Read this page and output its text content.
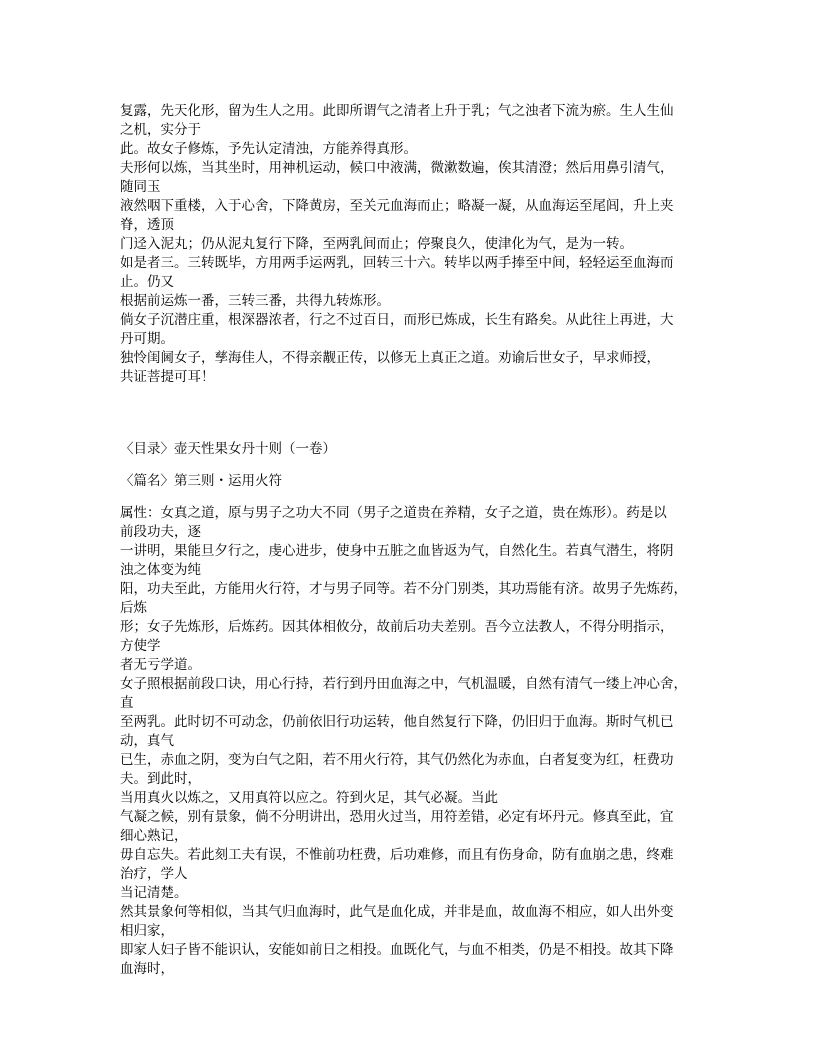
复露，先天化形，留为生人之用。此即所谓气之清者上升于乳；气之浊者下流为瘀。生人生仙
之机，实分于
此。故女子修炼，予先认定清浊，方能养得真形。
夫形何以炼，当其坐时，用神机运动，候口中液满，微漱数遍，俟其清澄；然后用鼻引清气，
随同玉
液然咽下重楼，入于心舍，下降黄房，至关元血海而止；略凝一凝，从血海运至尾闾，升上夹
脊，透顶
门迳入泥丸；仍从泥丸复行下降，至两乳间而止；停聚良久，使津化为气，是为一转。
如是者三。三转既毕，方用两手运两乳，回转三十六。转毕以两手捧至中间，轻轻运至血海而
止。仍又
根据前运炼一番，三转三番，共得九转炼形。
倘女子沉潜庄重，根深器浓者，行之不过百日，而形已炼成，长生有路矣。从此往上再进，大
丹可期。
独怜闺阃女子，孳海佳人，不得亲觏正传，以修无上真正之道。劝谕后世女子，早求师授，
共证菩提可耳！
〈目录〉壶天性果女丹十则（一卷）
〈篇名〉第三则・运用火符
属性：女真之道，原与男子之功大不同（男子之道贵在养精，女子之道，贵在炼形）。药是以
前段功夫，逐
一讲明，果能旦夕行之，虔心进步，使身中五脏之血皆返为气，自然化生。若真气潜生，将阴
浊之体变为纯
阳，功夫至此，方能用火行符，才与男子同等。若不分门别类，其功焉能有济。故男子先炼药，
后炼
形；女子先炼形，后炼药。因其体相攸分，故前后功夫差别。吾今立法教人，不得分明指示，
方使学
者无亏学道。
女子照根据前段口诀，用心行持，若行到丹田血海之中，气机温暖，自然有清气一缕上冲心舍，
直
至两乳。此时切不可动念，仍前依旧行功运转，他自然复行下降，仍旧归于血海。斯时气机已
动，真气
已生，赤血之阴，变为白气之阳，若不用火行符，其气仍然化为赤血，白者复变为红，枉费功
夫。到此时，
当用真火以炼之，又用真符以应之。符到火足，其气必凝。当此
气凝之候，别有景象，倘不分明讲出，恐用火过当，用符差错，必定有坏丹元。修真至此，宜
细心熟记，
毋自忘失。若此刻工夫有误，不惟前功枉费，后功难修，而且有伤身命，防有血崩之患，终难
治疗，学人
当记清楚。
然其景象何等相似，当其气归血海时，此气是血化成，并非是血，故血海不相应，如人出外变
相归家，
即家人妇子皆不能识认，安能如前日之相投。血既化气，与血不相类，仍是不相投。故其下降
血海时，
